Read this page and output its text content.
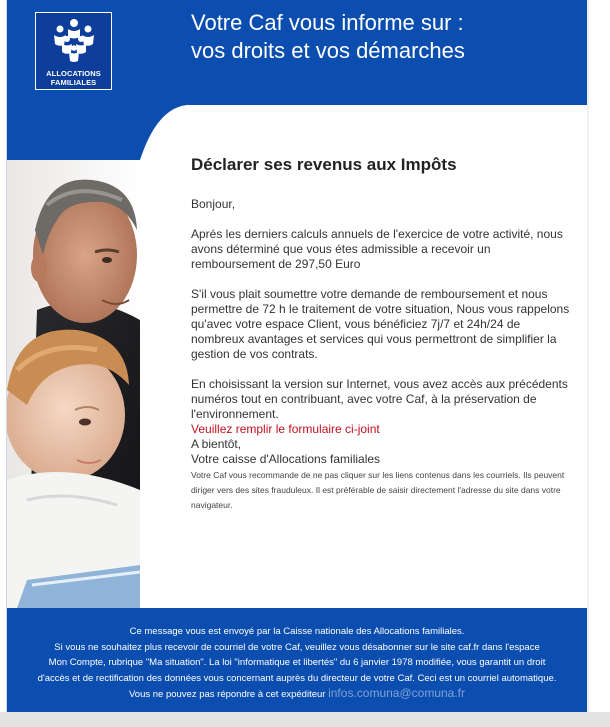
ALLOCATIONS
FAMILIALES
Votre Caf vous informe sur :
vos droits et vos démarches
Déclarer ses revenus aux Impôts

Bonjour,

Aprés les derniers calculs annuels de l'exercice de votre activité, nous avons déterminé que vous étes admissible a recevoir un remboursement de 297,50 Euro

S'il vous plait soumettre votre demande de remboursement et nous permettre de 72 h le traitement de votre situation, Nous vous rappelons qu'avec votre espace Client, vous bénéficiez 7j/7 et 24h/24 de nombreux avantages et services qui vous permettront de simplifier la gestion de vos contrats.

En choisissant la version sur Internet, vous avez accès aux précédents numéros tout en contribuant, avec votre Caf, à la préservation de l'environnement.

Veuillez remplir le formulaire ci-joint

A bientôt,

Votre caisse d'Allocations familiales

Votre Caf vous recommande de ne pas cliquer sur les liens contenus dans les courriels. Ils peuvent diriger vers des sites frauduleux. Il est préférable de saisir directement l'adresse du site dans votre navigateur.

Ce message vous est envoyé par la Caisse nationale des Allocations familiales.
Si vous ne souhaitez plus recevoir de courriel de votre Caf, veuillez vous désabonner sur le site caf.fr dans l'espace
Mon Compte, rubrique "Ma situation". La loi "informatique et libertés" du 6 janvier 1978 modifiée, vous garantit un droit
d'accès et de rectification des données vous concernant auprès du directeur de votre Caf. Ceci est un courriel automatique.
Vous ne pouvez pas répondre à cet expéditeur infos.comuna@comuna.fr
